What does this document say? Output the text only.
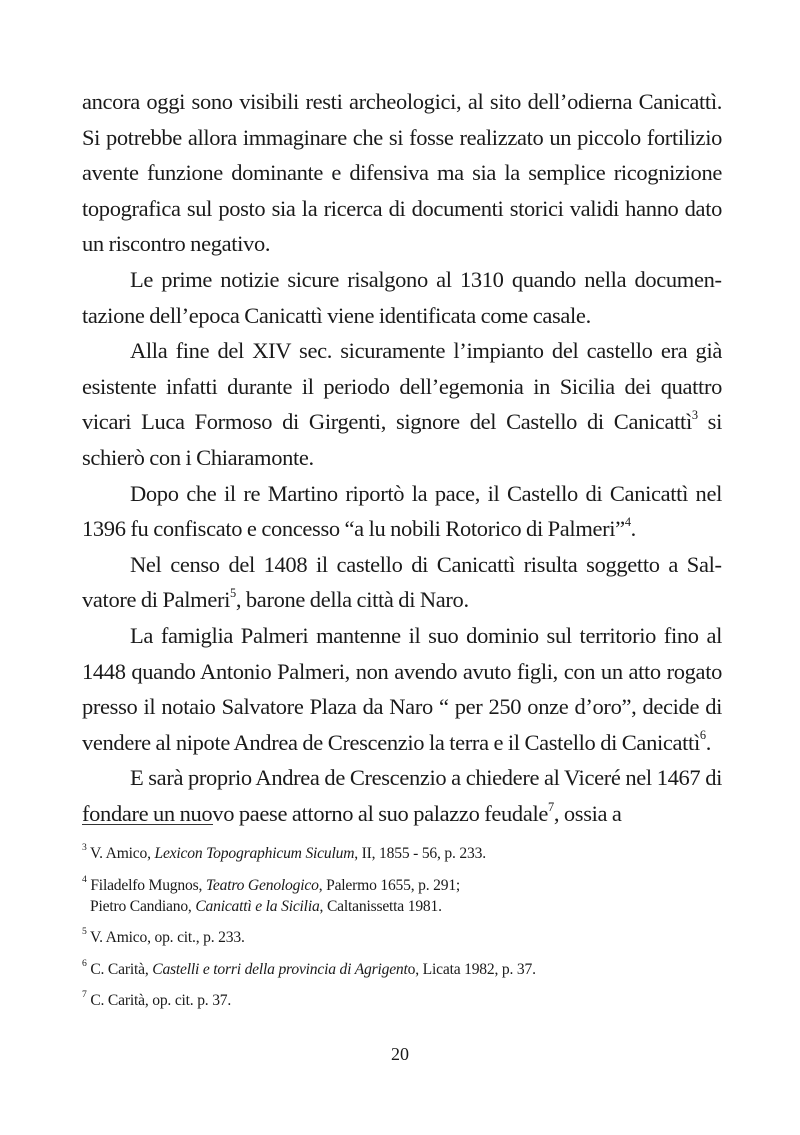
ancora oggi sono visibili resti archeologici, al sito dell’odierna Canicattì. Si potrebbe allora immaginare che si fosse realizzato un piccolo fortilizio avente funzione dominante e difensiva ma sia la semplice ricognizione topografica sul posto sia la ricerca di documenti storici validi hanno dato un riscontro negativo.

Le prime notizie sicure risalgono al 1310 quando nella documentazione dell’epoca Canicattì viene identificata come casale.

Alla fine del XIV sec. sicuramente l’impianto del castello era già esistente infatti durante il periodo dell’egemonia in Sicilia dei quattro vicari Luca Formoso di Girgenti, signore del Castello di Canicattì$^3$ si schierò con i Chiaramonte.

Dopo che il re Martino riportò la pace, il Castello di Canicattì nel 1396 fu confiscato e concesso “a lu nobili Rotorico di Palmeri”$^4$.

Nel censo del 1408 il castello di Canicattì risulta soggetto a Salvatore di Palmeri$^5$, barone della città di Naro.

La famiglia Palmeri mantenne il suo dominio sul territorio fino al 1448 quando Antonio Palmeri, non avendo avuto figli, con un atto rogato presso il notaio Salvatore Plaza da Naro “ per 250 onze d’oro”, decide di vendere al nipote Andrea de Crescenzio la terra e il Castello di Canicattì$^6$.

E sarà proprio Andrea de Crescenzio a chiedere al Viceré nel 1467 di fondare un nuovo paese attorno al suo palazzo feudale$^7$, ossia a

$^3$ V. Amico, Lexicon Topographicum Siculum, II, 1855 - 56, p. 233.
$^4$ Filadelfo Mugnos, Teatro Genologico, Palermo 1655, p. 291;
Pietro Candiano, Canicattì e la Sicilia, Caltanissetta 1981.
$^5$ V. Amico, op. cit., p. 233.
$^6$ C. Carità, Castelli e torri della provincia di Agrigento, Licata 1982, p. 37.
$^7$ C. Carità, op. cit. p. 37.
20
